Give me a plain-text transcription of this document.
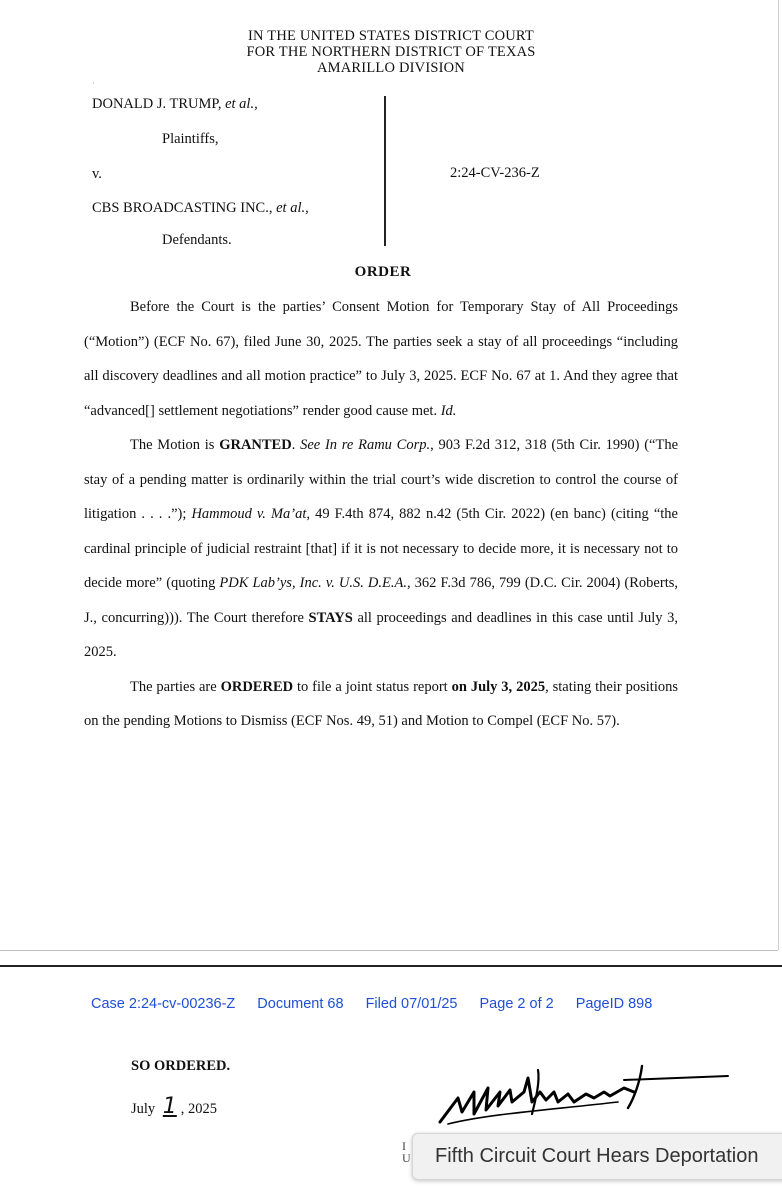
·
IN THE UNITED STATES DISTRICT COURT
FOR THE NORTHERN DISTRICT OF TEXAS
AMARILLO DIVISION
DONALD J. TRUMP, et al.,
Plaintiffs,
v.
CBS BROADCASTING INC., et al.,
Defendants.
2:24-CV-236-Z
ORDER

Before the Court is the parties’ Consent Motion for Temporary Stay of All Proceedings (“Motion”) (ECF No. 67), filed June 30, 2025. The parties seek a stay of all proceedings “including all discovery deadlines and all motion practice” to July 3, 2025. ECF No. 67 at 1. And they agree that “advanced[] settlement negotiations” render good cause met. Id.

The Motion is GRANTED. See In re Ramu Corp., 903 F.2d 312, 318 (5th Cir. 1990) (“The stay of a pending matter is ordinarily within the trial court’s wide discretion to control the course of litigation . . . .”); Hammoud v. Ma’at, 49 F.4th 874, 882 n.42 (5th Cir. 2022) (en banc) (citing “the cardinal principle of judicial restraint [that] if it is not necessary to decide more, it is necessary not to decide more” (quoting PDK Lab’ys, Inc. v. U.S. D.E.A., 362 F.3d 786, 799 (D.C. Cir. 2004) (Roberts, J., concurring))). The Court therefore STAYS all proceedings and deadlines in this case until July 3, 2025.

The parties are ORDERED to file a joint status report on July 3, 2025, stating their positions on the pending Motions to Dismiss (ECF Nos. 49, 51) and Motion to Compel (ECF No. 57).

Case 2:24-cv-00236-Z Document 68 Filed 07/01/25 Page 2 of 2 PageID 898
SO ORDERED.
July 1 , 2025
I
U	Fifth Circuit Court Hears Deportation
